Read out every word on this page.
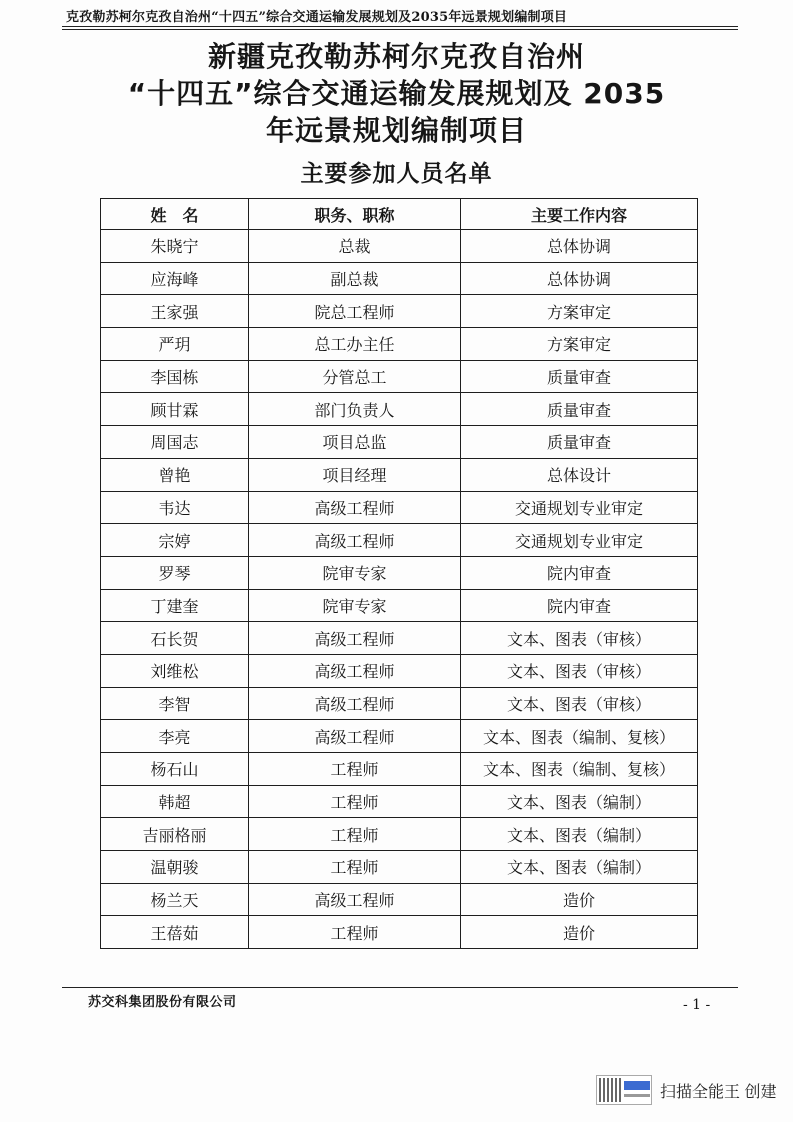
克孜勒苏柯尔克孜自治州“十四五”综合交通运输发展规划及2035年远景规划编制项目
新疆克孜勒苏柯尔克孜自治州
“十四五”综合交通运输发展规划及 2035
年远景规划编制项目
主要参加人员名单
姓　名	职务、职称	主要工作内容
朱晓宁	总裁	总体协调
应海峰	副总裁	总体协调
王家强	院总工程师	方案审定
严玥	总工办主任	方案审定
李国栋	分管总工	质量审查
顾甘霖	部门负责人	质量审查
周国志	项目总监	质量审查
曾艳	项目经理	总体设计
韦达	高级工程师	交通规划专业审定
宗婷	高级工程师	交通规划专业审定
罗琴	院审专家	院内审查
丁建奎	院审专家	院内审查
石长贺	高级工程师	文本、图表（审核）
刘维松	高级工程师	文本、图表（审核）
李智	高级工程师	文本、图表（审核）
李亮	高级工程师	文本、图表（编制、复核）
杨石山	工程师	文本、图表（编制、复核）
韩超	工程师	文本、图表（编制）
吉丽格丽	工程师	文本、图表（编制）
温朝骏	工程师	文本、图表（编制）
杨兰天	高级工程师	造价
王蓓茹	工程师	造价
苏交科集团股份有限公司	- 1 -
扫描全能王 创建
